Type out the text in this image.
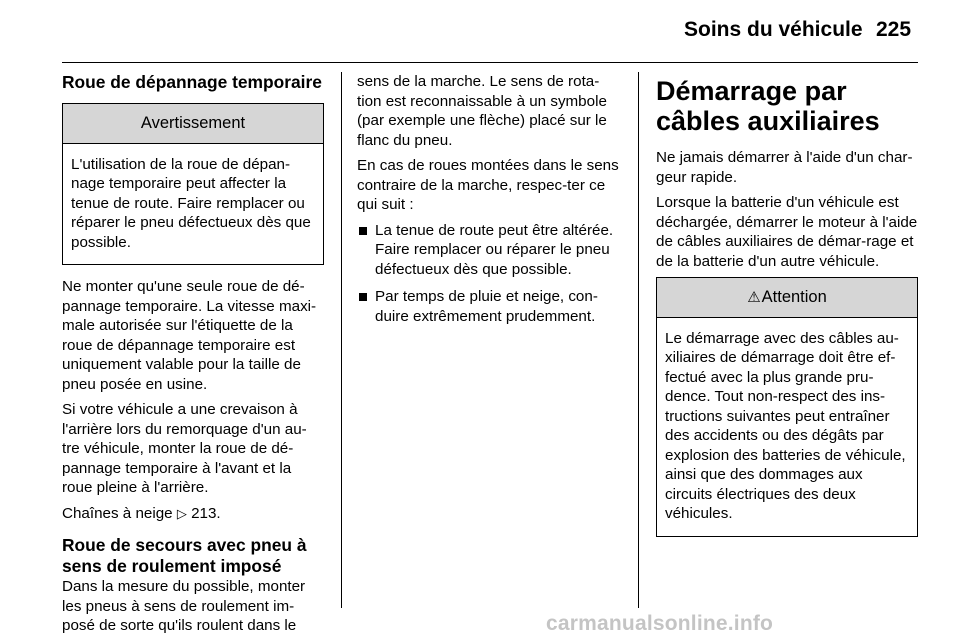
Soins du véhicule 225
Roue de dépannage temporaire
Avertissement
L'utilisation de la roue de dépan-nage temporaire peut affecter la tenue de route. Faire remplacer ou réparer le pneu défectueux dès que possible.

Ne monter qu'une seule roue de dé-pannage temporaire. La vitesse maxi-male autorisée sur l'étiquette de la roue de dépannage temporaire est uniquement valable pour la taille de pneu posée en usine.

Si votre véhicule a une crevaison à l'arrière lors du remorquage d'un au-tre véhicule, monter la roue de dé-pannage temporaire à l'avant et la roue pleine à l'arrière.

Chaînes à neige ▷ 213.

Roue de secours avec pneu à sens de roulement imposé

Dans la mesure du possible, monter les pneus à sens de roulement im-posé de sorte qu'ils roulent dans le

sens de la marche. Le sens de rota-tion est reconnaissable à un symbole (par exemple une flèche) placé sur le flanc du pneu.

En cas de roues montées dans le sens contraire de la marche, respec-ter ce qui suit :

La tenue de route peut être altérée. Faire remplacer ou réparer le pneu défectueux dès que possible.
Par temps de pluie et neige, con-duire extrêmement prudemment.
Démarrage par câbles auxiliaires

Ne jamais démarrer à l'aide d'un char-geur rapide.

Lorsque la batterie d'un véhicule est déchargée, démarrer le moteur à l'aide de câbles auxiliaires de démar-rage et de la batterie d'un autre véhicule.

⚠Attention
Le démarrage avec des câbles au-xiliaires de démarrage doit être ef-fectué avec la plus grande pru-dence. Tout non-respect des ins-tructions suivantes peut entraîner des accidents ou des dégâts par explosion des batteries de véhicule, ainsi que des dommages aux circuits électriques des deux véhicules.
carmanualsonline.info
